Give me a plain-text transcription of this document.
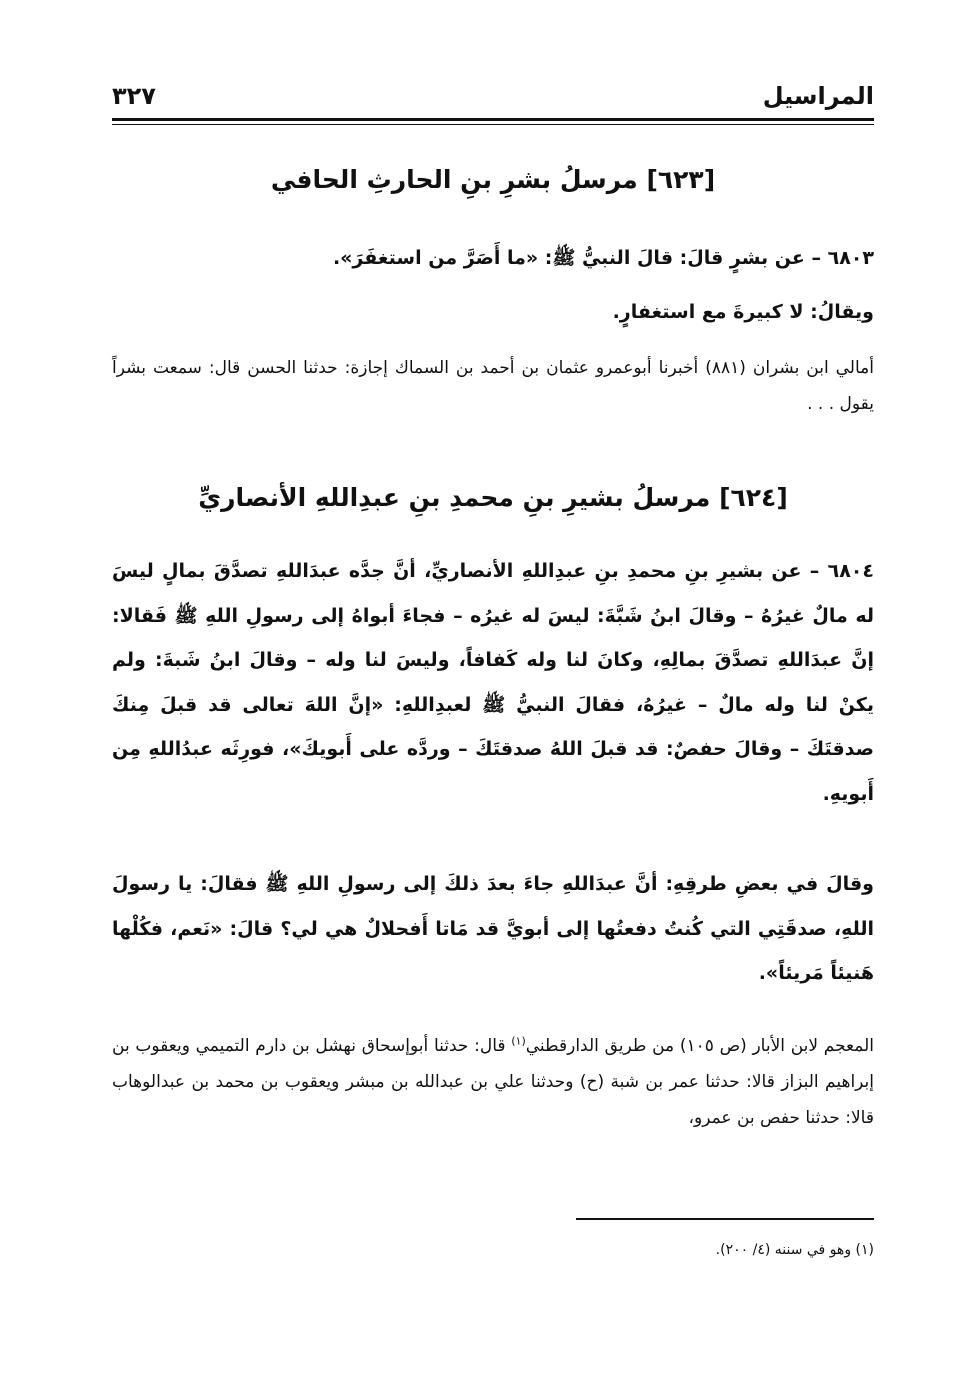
المراسيل
٣٢٧
[٦٢٣] مرسلُ بشرِ بنِ الحارثِ الحافي
٦٨٠٣ – عن بشرٍ قالَ: قالَ النبيُّ ﷺ: «ما أَصَرَّ من استغفَرَ».
ويقالُ: لا كبيرةَ مع استغفارٍ.
أمالي ابن بشران (٨٨١) أخبرنا أبوعمرو عثمان بن أحمد بن السماك إجازة: حدثنا الحسن قال: سمعت بشراً يقول . . .
[٦٢٤] مرسلُ بشيرِ بنِ محمدِ بنِ عبدِاللهِ الأنصاريِّ
٦٨٠٤ – عن بشيرِ بنِ محمدِ بنِ عبدِاللهِ الأنصاريِّ، أنَّ جدَّه عبدَاللهِ تصدَّقَ بمالٍ ليسَ له مالٌ غيرُهُ – وقالَ ابنُ شَبَّةَ: ليسَ له غيرُه – فجاءَ أبواهُ إلى رسولِ اللهِ ﷺ فَقالا: إنَّ عبدَاللهِ تصدَّقَ بمالِهِ، وكانَ لنا وله كَفافاً، وليسَ لنا وله – وقالَ ابنُ شَبةَ: ولم يكنْ لنا وله مالٌ – غيرُهُ، فقالَ النبيُّ ﷺ لعبدِاللهِ: «إنَّ اللهَ تعالى قد قبلَ مِنكَ صدقتَكَ – وقالَ حفصٌ: قد قبلَ اللهُ صدقتَكَ – وردَّه على أَبويكَ»، فورِثَه عبدُاللهِ مِن أَبويهِ.
وقالَ في بعضِ طرقِهِ: أنَّ عبدَاللهِ جاءَ بعدَ ذلكَ إلى رسولِ اللهِ ﷺ فقالَ: يا رسولَ اللهِ، صدقَتِي التي كُنتُ دفعتُها إلى أبويَّ قد مَاتا أَفحلالٌ هي لي؟ قالَ: «نَعم، فكُلْها هَنيئاً مَريئاً».
المعجم لابن الأبار (ص ١٠٥) من طريق الدارقطني$^{(١)}$ قال: حدثنا أبوإسحاق نهشل بن دارم التميمي ويعقوب بن إبراهيم البزاز قالا: حدثنا عمر بن شبة (ح) وحدثنا علي بن عبدالله بن مبشر ويعقوب بن محمد بن عبدالوهاب قالا: حدثنا حفص بن عمرو،
(١) وهو في سننه (٤/ ٢٠٠).
